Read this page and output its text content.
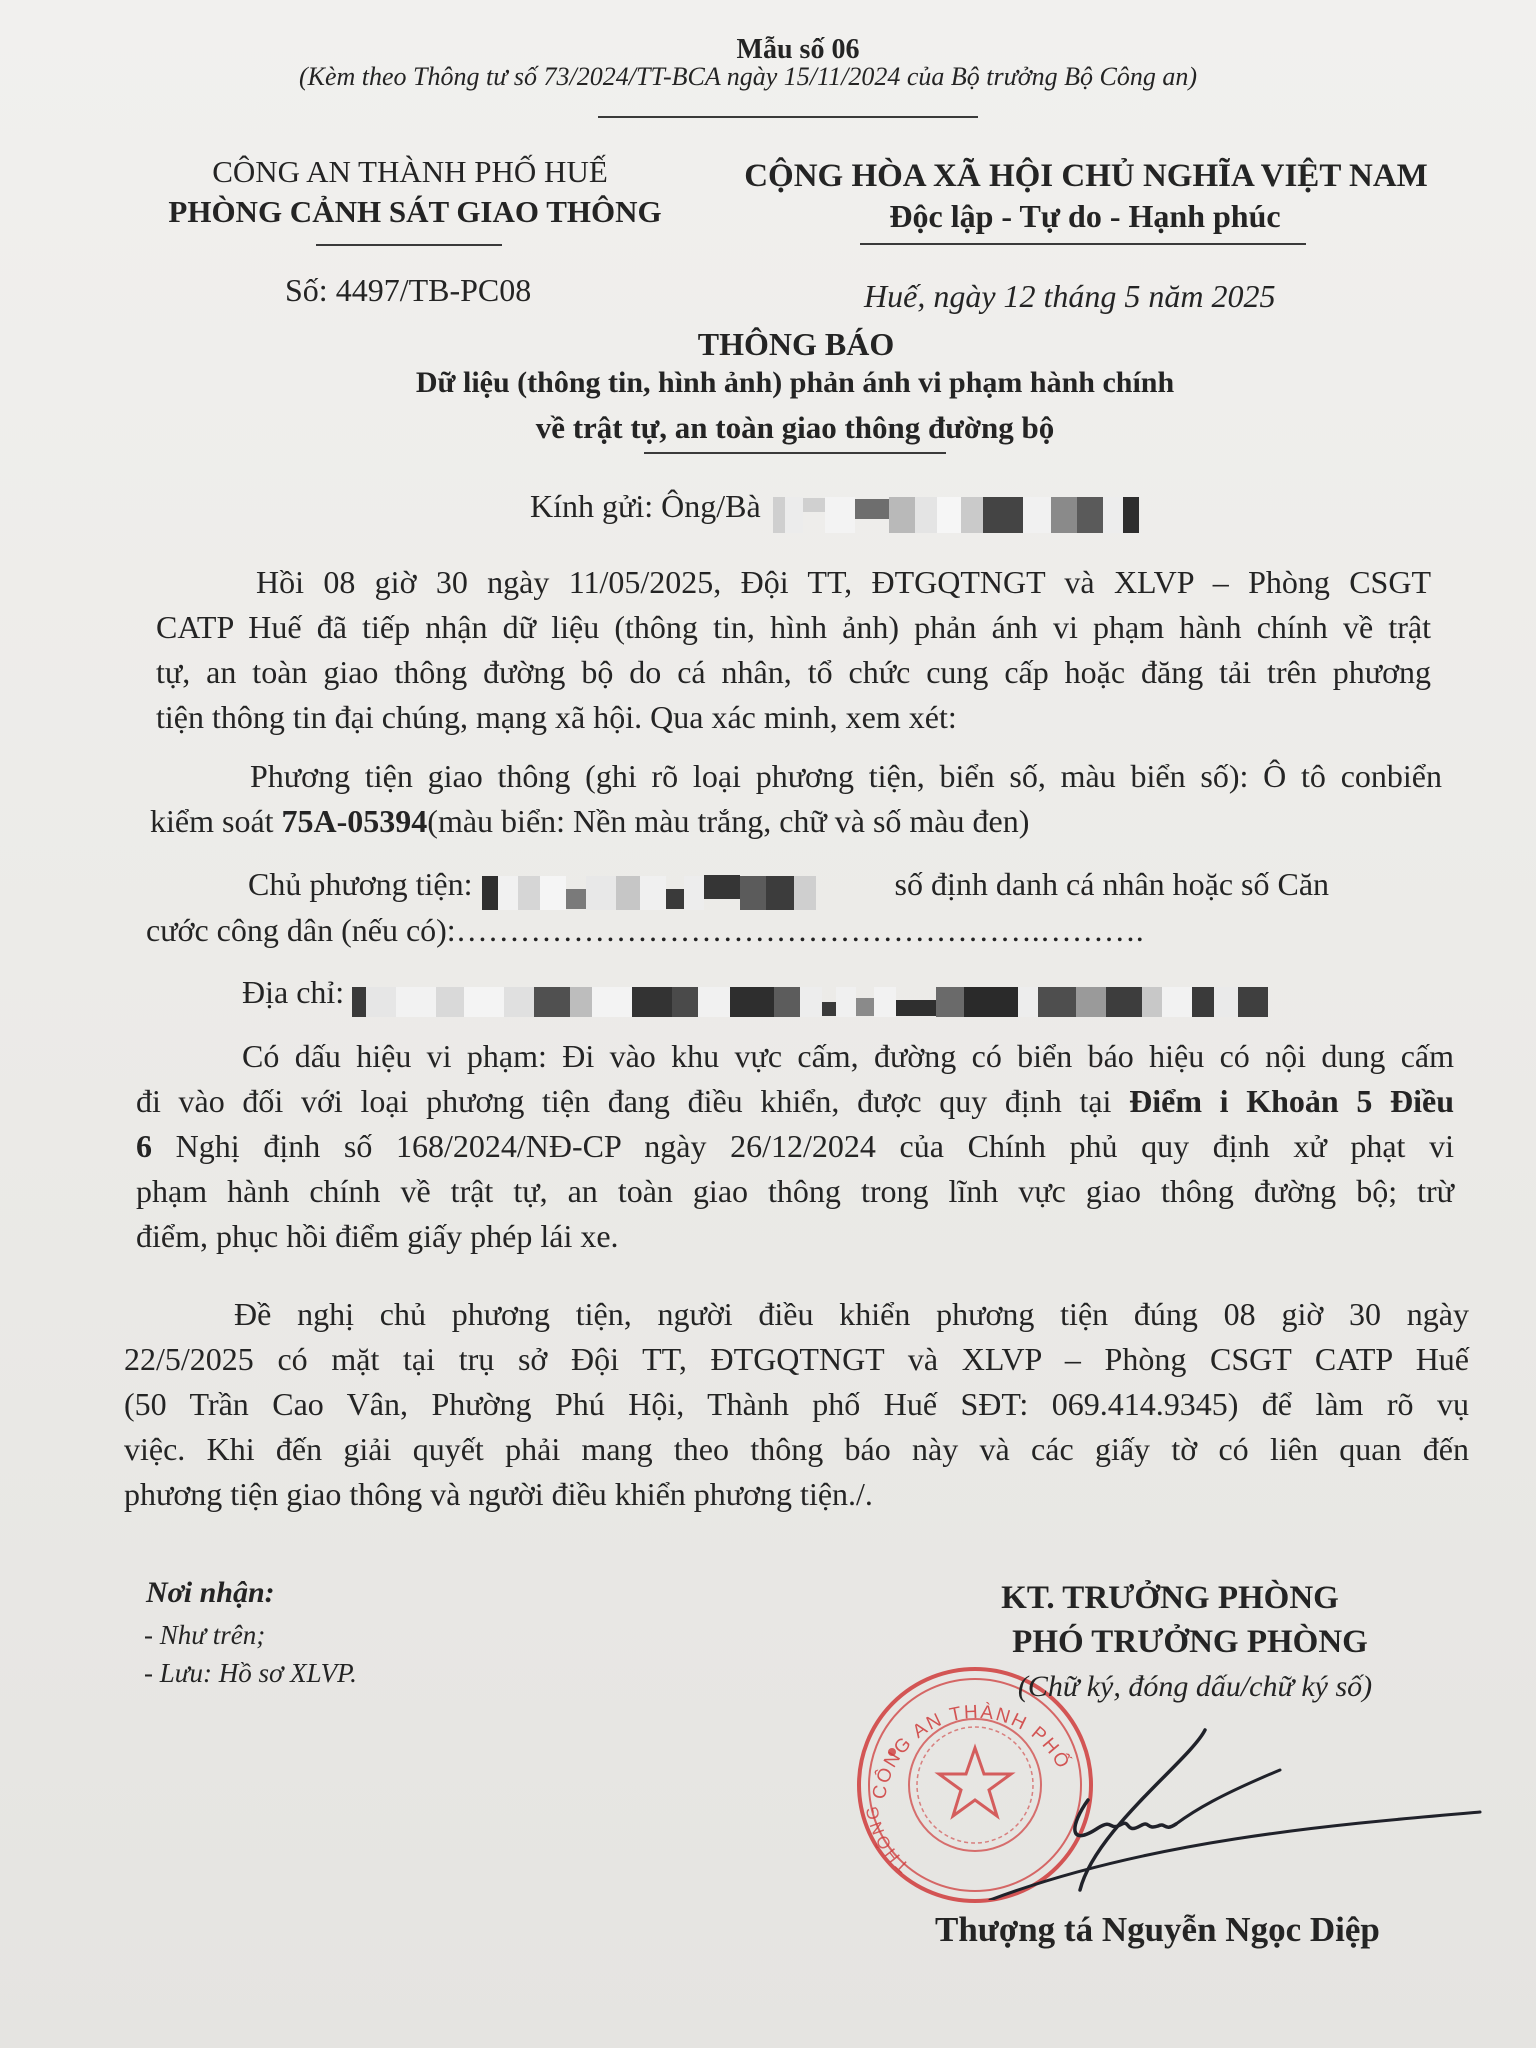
Mẫu số 06
(Kèm theo Thông tư số 73/2024/TT-BCA ngày 15/11/2024 của Bộ trưởng Bộ Công an)
CÔNG AN THÀNH PHỐ HUẾ
PHÒNG CẢNH SÁT GIAO THÔNG
CỘNG HÒA XÃ HỘI CHỦ NGHĨA VIỆT NAM
Độc lập - Tự do - Hạnh phúc
Số: 4497/TB-PC08	Huế, ngày 12 tháng 5 năm 2025
THÔNG BÁO
Dữ liệu (thông tin, hình ảnh) phản ánh vi phạm hành chính
về trật tự, an toàn giao thông đường bộ
Kính gửi: Ông/Bà
Hồi 08 giờ 30 ngày 11/05/2025, Đội TT, ĐTGQTNGT và XLVP – Phòng CSGT
CATP Huế đã tiếp nhận dữ liệu (thông tin, hình ảnh) phản ánh vi phạm hành chính về trật
tự, an toàn giao thông đường bộ do cá nhân, tổ chức cung cấp hoặc đăng tải trên phương
tiện thông tin đại chúng, mạng xã hội. Qua xác minh, xem xét:
Phương tiện giao thông (ghi rõ loại phương tiện, biển số, màu biển số): Ô tô conbiển
kiểm soát 75A-05394(màu biển: Nền màu trắng, chữ và số màu đen)
Chủ phương tiện:	số định danh cá nhân hoặc số Căn
cước công dân (nếu có):……………………………………………….……….
Địa chỉ:
Có dấu hiệu vi phạm: Đi vào khu vực cấm, đường có biển báo hiệu có nội dung cấm
đi vào đối với loại phương tiện đang điều khiển, được quy định tại Điểm i Khoản 5 Điều
6 Nghị định số 168/2024/NĐ-CP ngày 26/12/2024 của Chính phủ quy định xử phạt vi
phạm hành chính về trật tự, an toàn giao thông trong lĩnh vực giao thông đường bộ; trừ
điểm, phục hồi điểm giấy phép lái xe.
Đề nghị chủ phương tiện, người điều khiển phương tiện đúng 08 giờ 30 ngày
22/5/2025 có mặt tại trụ sở Đội TT, ĐTGQTNGT và XLVP – Phòng CSGT CATP Huế
(50 Trần Cao Vân, Phường Phú Hội, Thành phố Huế SĐT: 069.414.9345) để làm rõ vụ
việc. Khi đến giải quyết phải mang theo thông báo này và các giấy tờ có liên quan đến
phương tiện giao thông và người điều khiển phương tiện./.
Nơi nhận:
- Như trên;
- Lưu: Hồ sơ XLVP.
KT. TRƯỞNG PHÒNG
PHÓ TRƯỞNG PHÒNG
CÔNG AN THÀNH PHỐ
THÔNG
(Chữ ký, đóng dấu/chữ ký số)
Thượng tá Nguyễn Ngọc Diệp
